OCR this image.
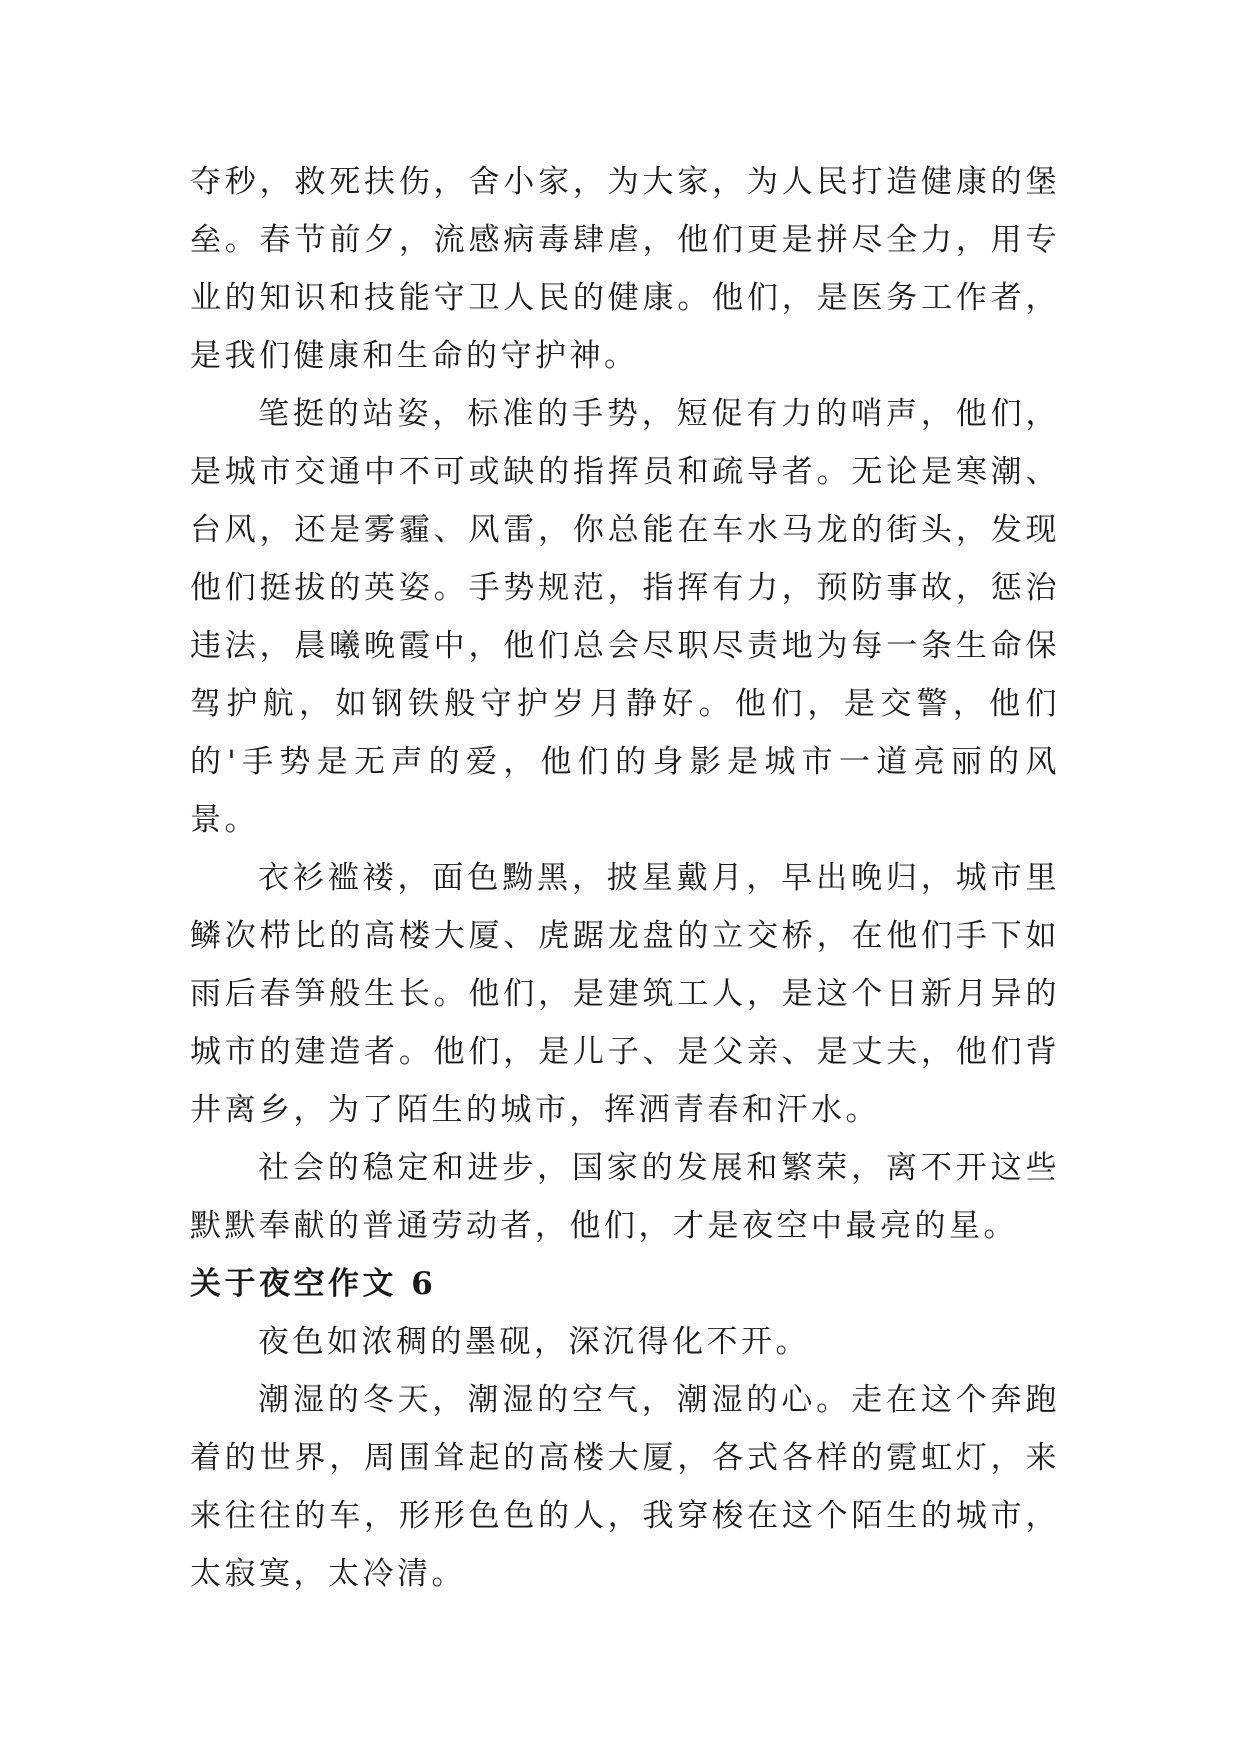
夺秒，救死扶伤，舍小家，为大家，为人民打造健康的堡垒。春节前夕，流感病毒肆虐，他们更是拼尽全力，用专业的知识和技能守卫人民的健康。他们，是医务工作者，是我们健康和生命的守护神。

笔挺的站姿，标准的手势，短促有力的哨声，他们，是城市交通中不可或缺的指挥员和疏导者。无论是寒潮、台风，还是雾霾、风雷，你总能在车水马龙的街头，发现他们挺拔的英姿。手势规范，指挥有力，预防事故，惩治违法，晨曦晚霞中，他们总会尽职尽责地为每一条生命保驾护航，如钢铁般守护岁月静好。他们，是交警，他们的'手势是无声的爱，他们的身影是城市一道亮丽的风景。

衣衫褴褛，面色黝黑，披星戴月，早出晚归，城市里鳞次栉比的高楼大厦、虎踞龙盘的立交桥，在他们手下如雨后春笋般生长。他们，是建筑工人，是这个日新月异的城市的建造者。他们，是儿子、是父亲、是丈夫，他们背井离乡，为了陌生的城市，挥洒青春和汗水。

社会的稳定和进步，国家的发展和繁荣，离不开这些默默奉献的普通劳动者，他们，才是夜空中最亮的星。

关于夜空作文 6

夜色如浓稠的墨砚，深沉得化不开。

潮湿的冬天，潮湿的空气，潮湿的心。走在这个奔跑着的世界，周围耸起的高楼大厦，各式各样的霓虹灯，来来往往的车，形形色色的人，我穿梭在这个陌生的城市，太寂寞，太冷清。
